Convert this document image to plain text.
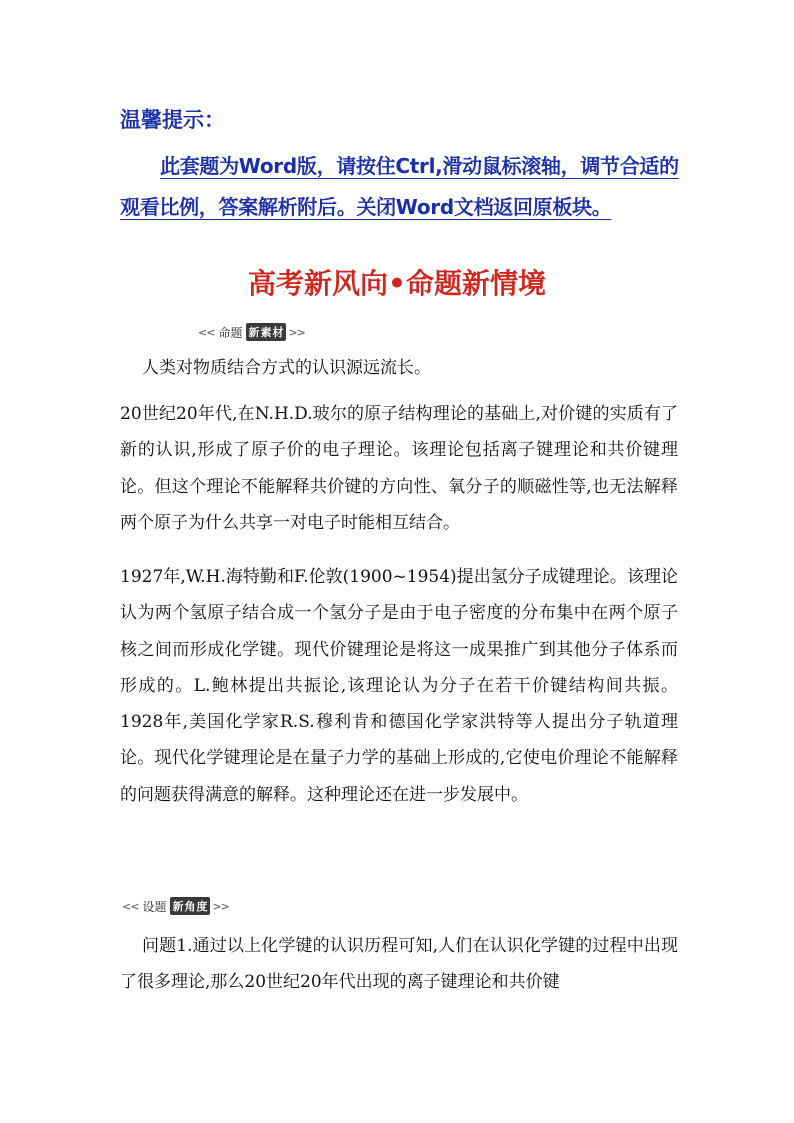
温馨提示：

此套题为Word版，请按住Ctrl,滑动鼠标滚轴，调节合适的观看比例，答案解析附后。关闭Word文档返回原板块。

高考新风向•命题新情境
<< 命题 新素材 >>

人类对物质结合方式的认识源远流长。

20世纪20年代,在N.H.D.玻尔的原子结构理论的基础上,对价键的实质有了新的认识,形成了原子价的电子理论。该理论包括离子键理论和共价键理论。但这个理论不能解释共价键的方向性、氧分子的顺磁性等,也无法解释两个原子为什么共享一对电子时能相互结合。

1927年,W.H.海特勤和F.伦敦(1900~1954)提出氢分子成键理论。该理论认为两个氢原子结合成一个氢分子是由于电子密度的分布集中在两个原子核之间而形成化学键。现代价键理论是将这一成果推广到其他分子体系而形成的。L.鲍林提出共振论,该理论认为分子在若干价键结构间共振。1928年,美国化学家R.S.穆利肯和德国化学家洪特等人提出分子轨道理论。现代化学键理论是在量子力学的基础上形成的,它使电价理论不能解释的问题获得满意的解释。这种理论还在进一步发展中。

<< 设题 新角度 >>

问题1.通过以上化学键的认识历程可知,人们在认识化学键的过程中出现了很多理论,那么20世纪20年代出现的离子键理论和共价键
